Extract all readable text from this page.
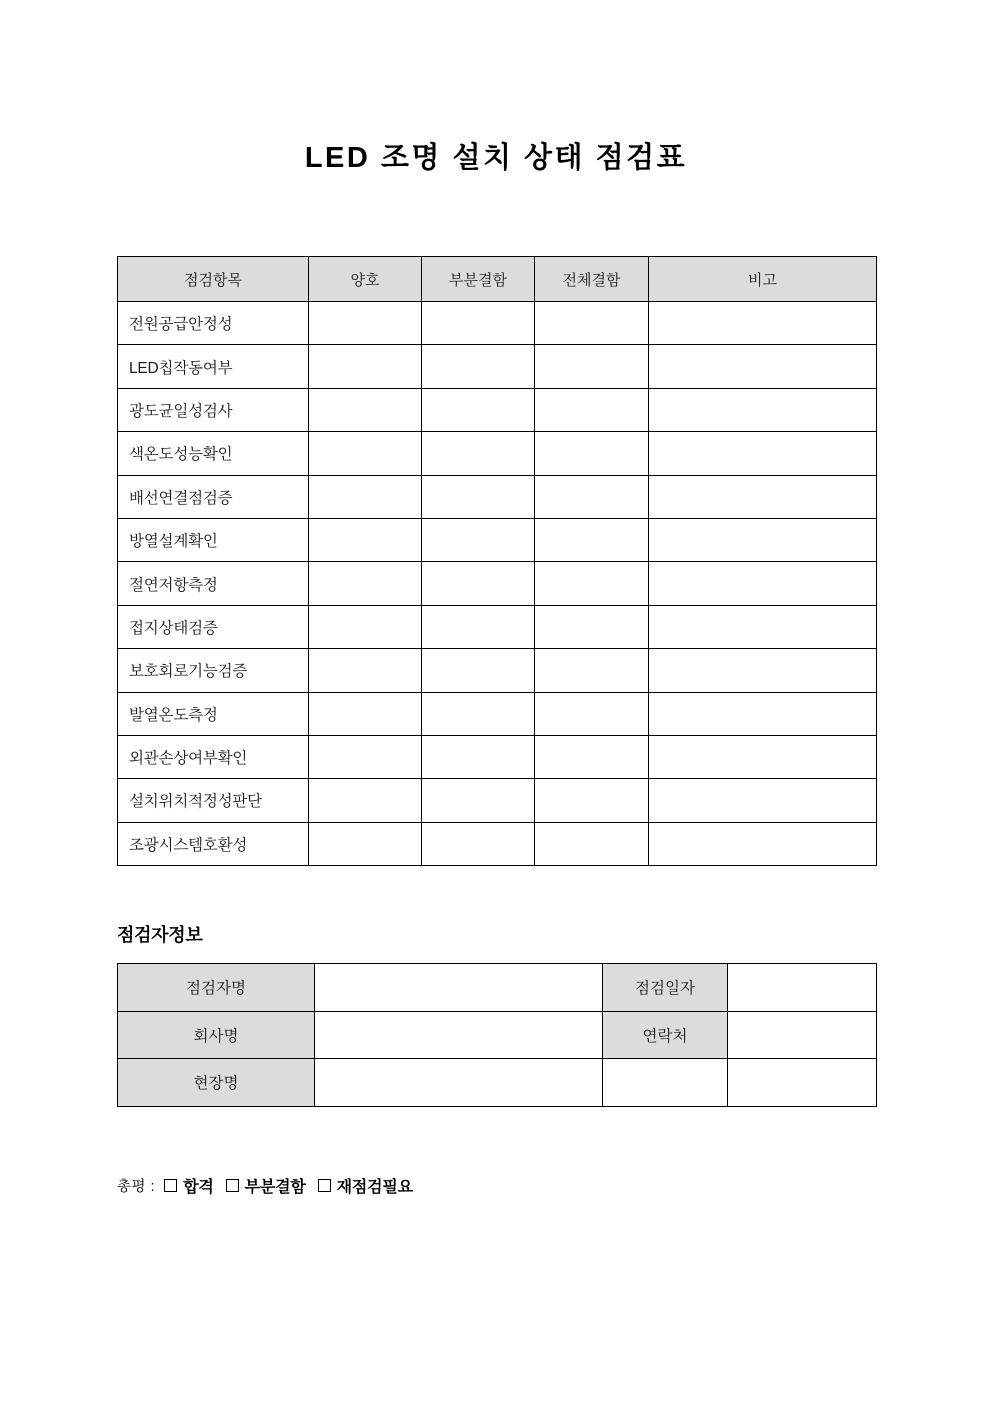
LED 조명 설치 상태 점검표
점검항목	양호	부분결함	전체결함	비고
전원공급안정성				
LED칩작동여부				
광도균일성검사				
색온도성능확인				
배선연결점검증				
방열설계확인				
절연저항측정				
접지상태검증				
보호회로기능검증				
발열온도측정				
외관손상여부확인				
설치위치적정성판단				
조광시스템호환성				
점검자정보
점검자명		점검일자	
회사명		연락처	
현장명			
총평 : 합격 부분결함 재점검필요
